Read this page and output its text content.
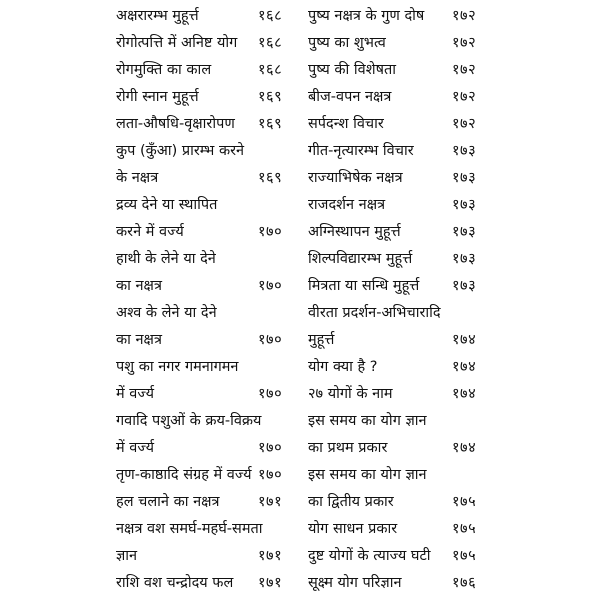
अक्षरारम्भ मुहूर्त्त	१६८	पुष्य नक्षत्र के गुण दोष १७२
रोगोत्पत्ति में अनिष्ट योग १६८	पुष्य का शुभत्व	१७२
रोगमुक्ति का काल	१६८	पुष्य की विशेषता	१७२
रोगी स्नान मुहूर्त्त	१६९	बीज-वपन नक्षत्र	१७२
लता-औषधि-वृक्षारोपण १६९	सर्पदन्श विचार	१७२
कुप (कुँआ) प्रारम्भ करने	गीत-नृत्यारम्भ विचार	१७३
के नक्षत्र	१६९	राज्याभिषेक नक्षत्र	१७३
द्रव्य देने या स्थापित	राजदर्शन नक्षत्र	१७३
करने में वर्ज्य	१७०	अग्निस्थापन मुहूर्त्त	१७३
हाथी के लेने या देने	शिल्पविद्यारम्भ मुहूर्त्त	१७३
का नक्षत्र	१७०	मित्रता या सन्धि मुहूर्त्त १७३
अश्व के लेने या देने	वीरता प्रदर्शन-अभिचारादि
का नक्षत्र	१७०	मुहूर्त्त	१७४
पशु का नगर गमनागमन	योग क्या है ?	१७४
में वर्ज्य	१७०	२७ योगों के नाम	१७४
गवादि पशुओं के क्रय-विक्रय	इस समय का योग ज्ञान
में वर्ज्य	१७०	का प्रथम प्रकार	१७४
तृण-काष्ठादि संग्रह में वर्ज्य १७०	इस समय का योग ज्ञान
हल चलाने का नक्षत्र	१७१	का द्वितीय प्रकार	१७५
नक्षत्र वश समर्घ-महर्घ-समता	योग साधन प्रकार	१७५
ज्ञान	१७१	दुष्ट योगों के त्याज्य घटी १७५
राशि वश चन्द्रोदय फल १७१	सूक्ष्म योग परिज्ञान	१७६
